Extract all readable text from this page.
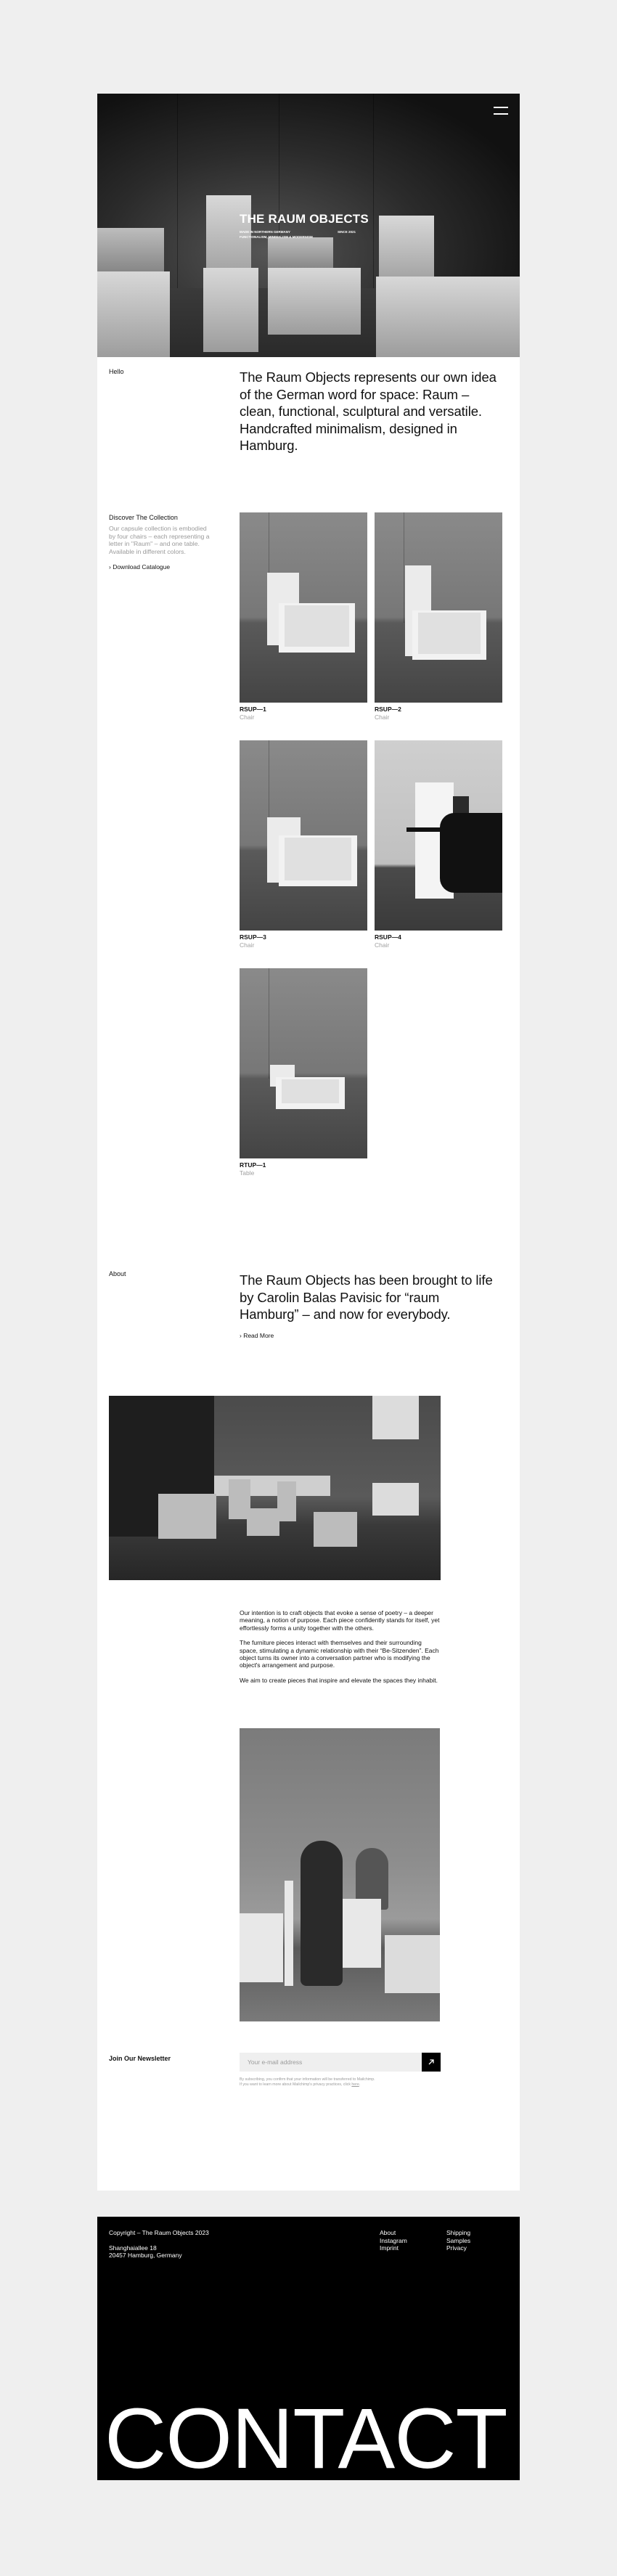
THE RAUM OBJECTS
MADE IN NORTHERN GERMANY
FUNCTIONALISM, MINIMALISM & MODERNISM
SINCE 2021
Hello	The Raum Objects represents our own idea of the German word for space: Raum – clean, functional, sculptural and versatile. Handcrafted minimalism, designed in Hamburg.

Discover The Collection

Our capsule collection is embodied by four chairs – each representing a letter in "Raum" – and one table. Available in different colors.

› Download Catalogue
RSUP—1
Chair
RSUP—2
Chair
RSUP—3
Chair
RSUP—4
Chair
RTUP—1
Table
About	The Raum Objects has been brought to life by Carolin Balas Pavisic for “raum Hamburg” – and now for everybody.

› Read More

Our intention is to craft objects that evoke a sense of poetry – a deeper meaning, a notion of purpose. Each piece confidently stands for itself, yet effortlessly forms a unity together with the others.

The furniture pieces interact with themselves and their surrounding space, stimulating a dynamic relationship with their “Be-Sitzenden”. Each object turns its owner into a conversation partner who is modifying the object's arrangement and purpose.

We aim to create pieces that inspire and elevate the spaces they inhabit.

Join Our Newsletter
Your e-mail address
By subscribing, you confirm that your information will be transferred to Mailchimp.
If you want to learn more about Mailchimp's privacy practices, click here.
Copyright – The Raum Objects 2023
Shanghaiallee 18
20457 Hamburg, Germany
About
Instagram
Imprint
Shipping
Samples
Privacy
CONTACT
